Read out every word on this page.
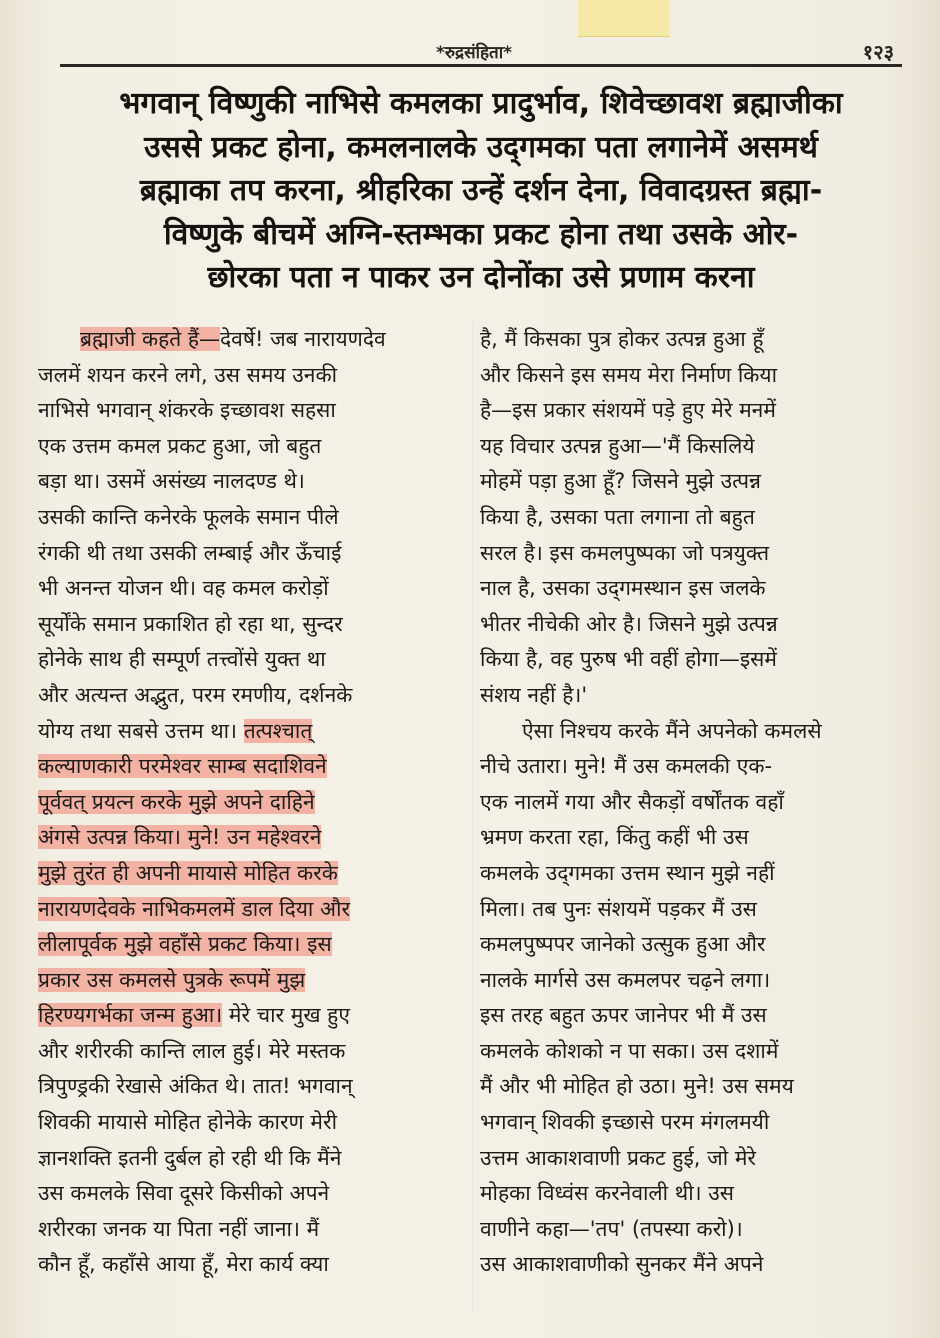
*रुद्रसंहिता*	१२३
भगवान् विष्णुकी नाभिसे कमलका प्रादुर्भाव, शिवेच्छावश ब्रह्माजीका
उससे प्रकट होना, कमलनालके उद्‌गमका पता लगानेमें असमर्थ
ब्रह्माका तप करना, श्रीहरिका उन्हें दर्शन देना, विवादग्रस्त ब्रह्मा-
विष्णुके बीचमें अग्नि-स्तम्भका प्रकट होना तथा उसके ओर-
छोरका पता न पाकर उन दोनोंका उसे प्रणाम करना
ब्रह्माजी कहते हैं—देवर्षे! जब नारायणदेव
जलमें शयन करने लगे, उस समय उनकी
नाभिसे भगवान् शंकरके इच्छावश सहसा
एक उत्तम कमल प्रकट हुआ, जो बहुत
बड़ा था। उसमें असंख्य नालदण्ड थे।
उसकी कान्ति कनेरके फूलके समान पीले
रंगकी थी तथा उसकी लम्बाई और ऊँचाई
भी अनन्त योजन थी। वह कमल करोड़ों
सूर्योंके समान प्रकाशित हो रहा था, सुन्दर
होनेके साथ ही सम्पूर्ण तत्त्वोंसे युक्त था
और अत्यन्त अद्भुत, परम रमणीय, दर्शनके
योग्य तथा सबसे उत्तम था। तत्पश्चात्
कल्याणकारी परमेश्वर साम्ब सदाशिवने
पूर्ववत् प्रयत्न करके मुझे अपने दाहिने
अंगसे उत्पन्न किया। मुने! उन महेश्वरने
मुझे तुरंत ही अपनी मायासे मोहित करके
नारायणदेवके नाभिकमलमें डाल दिया और
लीलापूर्वक मुझे वहाँसे प्रकट किया। इस
प्रकार उस कमलसे पुत्रके रूपमें मुझ
हिरण्यगर्भका जन्म हुआ। मेरे चार मुख हुए
और शरीरकी कान्ति लाल हुई। मेरे मस्तक
त्रिपुण्ड्रकी रेखासे अंकित थे। तात! भगवान्
शिवकी मायासे मोहित होनेके कारण मेरी
ज्ञानशक्ति इतनी दुर्बल हो रही थी कि मैंने
उस कमलके सिवा दूसरे किसीको अपने
शरीरका जनक या पिता नहीं जाना। मैं
कौन हूँ, कहाँसे आया हूँ, मेरा कार्य क्या
है, मैं किसका पुत्र होकर उत्पन्न हुआ हूँ
और किसने इस समय मेरा निर्माण किया
है—इस प्रकार संशयमें पड़े हुए मेरे मनमें
यह विचार उत्पन्न हुआ—'मैं किसलिये
मोहमें पड़ा हुआ हूँ? जिसने मुझे उत्पन्न
किया है, उसका पता लगाना तो बहुत
सरल है। इस कमलपुष्पका जो पत्रयुक्त
नाल है, उसका उद्‌गमस्थान इस जलके
भीतर नीचेकी ओर है। जिसने मुझे उत्पन्न
किया है, वह पुरुष भी वहीं होगा—इसमें
संशय नहीं है।'
ऐसा निश्चय करके मैंने अपनेको कमलसे
नीचे उतारा। मुने! मैं उस कमलकी एक-
एक नालमें गया और सैकड़ों वर्षोंतक वहाँ
भ्रमण करता रहा, किंतु कहीं भी उस
कमलके उद्‌गमका उत्तम स्थान मुझे नहीं
मिला। तब पुनः संशयमें पड़कर मैं उस
कमलपुष्पपर जानेको उत्सुक हुआ और
नालके मार्गसे उस कमलपर चढ़ने लगा।
इस तरह बहुत ऊपर जानेपर भी मैं उस
कमलके कोशको न पा सका। उस दशामें
मैं और भी मोहित हो उठा। मुने! उस समय
भगवान् शिवकी इच्छासे परम मंगलमयी
उत्तम आकाशवाणी प्रकट हुई, जो मेरे
मोहका विध्वंस करनेवाली थी। उस
वाणीने कहा—'तप' (तपस्या करो)।
उस आकाशवाणीको सुनकर मैंने अपने
